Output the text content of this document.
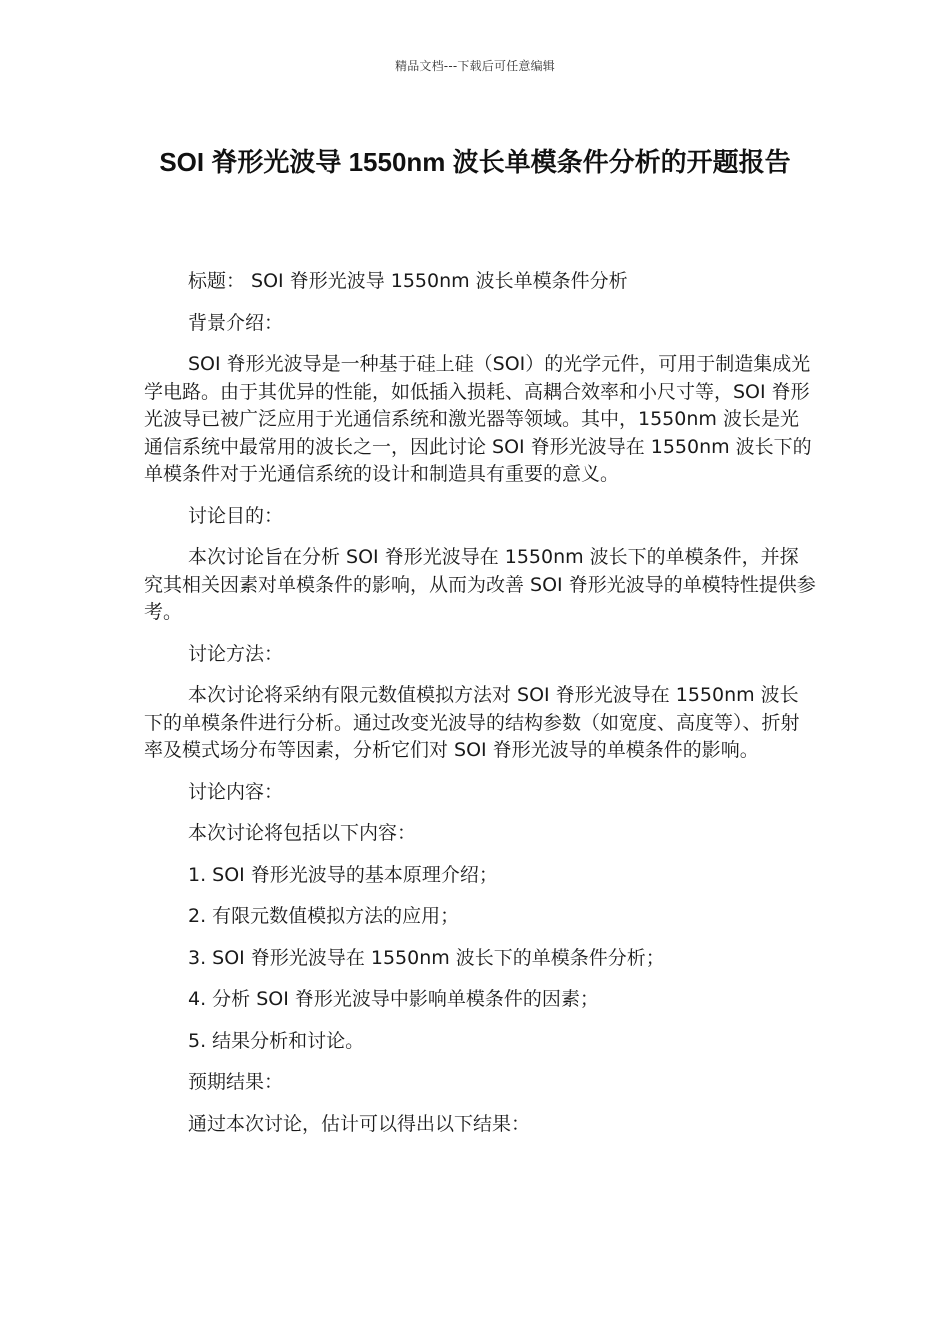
精品文档---下载后可任意编辑
SOI 脊形光波导 1550nm 波长单模条件分析的开题报告

标题： SOI 脊形光波导 1550nm 波长单模条件分析

背景介绍：

SOI 脊形光波导是一种基于硅上硅（SOI）的光学元件，可用于制造集成光学电路。由于其优异的性能，如低插入损耗、高耦合效率和小尺寸等，SOI 脊形光波导已被广泛应用于光通信系统和激光器等领域。其中，1550nm 波长是光通信系统中最常用的波长之一，因此讨论 SOI 脊形光波导在 1550nm 波长下的单模条件对于光通信系统的设计和制造具有重要的意义。

讨论目的：

本次讨论旨在分析 SOI 脊形光波导在 1550nm 波长下的单模条件，并探究其相关因素对单模条件的影响，从而为改善 SOI 脊形光波导的单模特性提供参考。

讨论方法：

本次讨论将采纳有限元数值模拟方法对 SOI 脊形光波导在 1550nm 波长下的单模条件进行分析。通过改变光波导的结构参数（如宽度、高度等）、折射率及模式场分布等因素，分析它们对 SOI 脊形光波导的单模条件的影响。

讨论内容：

本次讨论将包括以下内容：

1. SOI 脊形光波导的基本原理介绍；

2. 有限元数值模拟方法的应用；

3. SOI 脊形光波导在 1550nm 波长下的单模条件分析；

4. 分析 SOI 脊形光波导中影响单模条件的因素；

5. 结果分析和讨论。

预期结果：

通过本次讨论，估计可以得出以下结果：
